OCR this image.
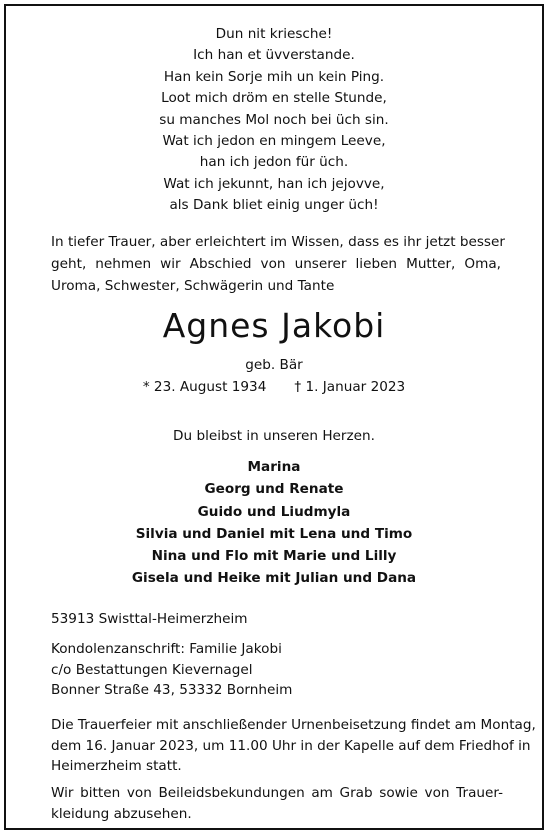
Dun nit kriesche!
Ich han et üvverstande.
Han kein Sorje mih un kein Ping.
Loot mich dröm en stelle Stunde,
su manches Mol noch bei üch sin.
Wat ich jedon en mingem Leeve,
han ich jedon für üch.
Wat ich jekunnt, han ich jejovve,
als Dank bliet einig unger üch!
In tiefer Trauer, aber erleichtert im Wissen, dass es ihr jetzt besser
geht, nehmen wir Abschied von unserer lieben Mutter, Oma,
Uroma, Schwester, Schwägerin und Tante
Agnes Jakobi
geb. Bär
* 23. August 1934 † 1. Januar 2023
Du bleibst in unseren Herzen.
Marina
Georg und Renate
Guido und Liudmyla
Silvia und Daniel mit Lena und Timo
Nina und Flo mit Marie und Lilly
Gisela und Heike mit Julian und Dana
53913 Swisttal-Heimerzheim
Kondolenzanschrift: Familie Jakobi
c/o Bestattungen Kievernagel
Bonner Straße 43, 53332 Bornheim
Die Trauerfeier mit anschließender Urnenbeisetzung findet am Montag,
dem 16. Januar 2023, um 11.00 Uhr in der Kapelle auf dem Friedhof in
Heimerzheim statt.
Wir bitten von Beileidsbekundungen am Grab sowie von Trauer-
kleidung abzusehen.
